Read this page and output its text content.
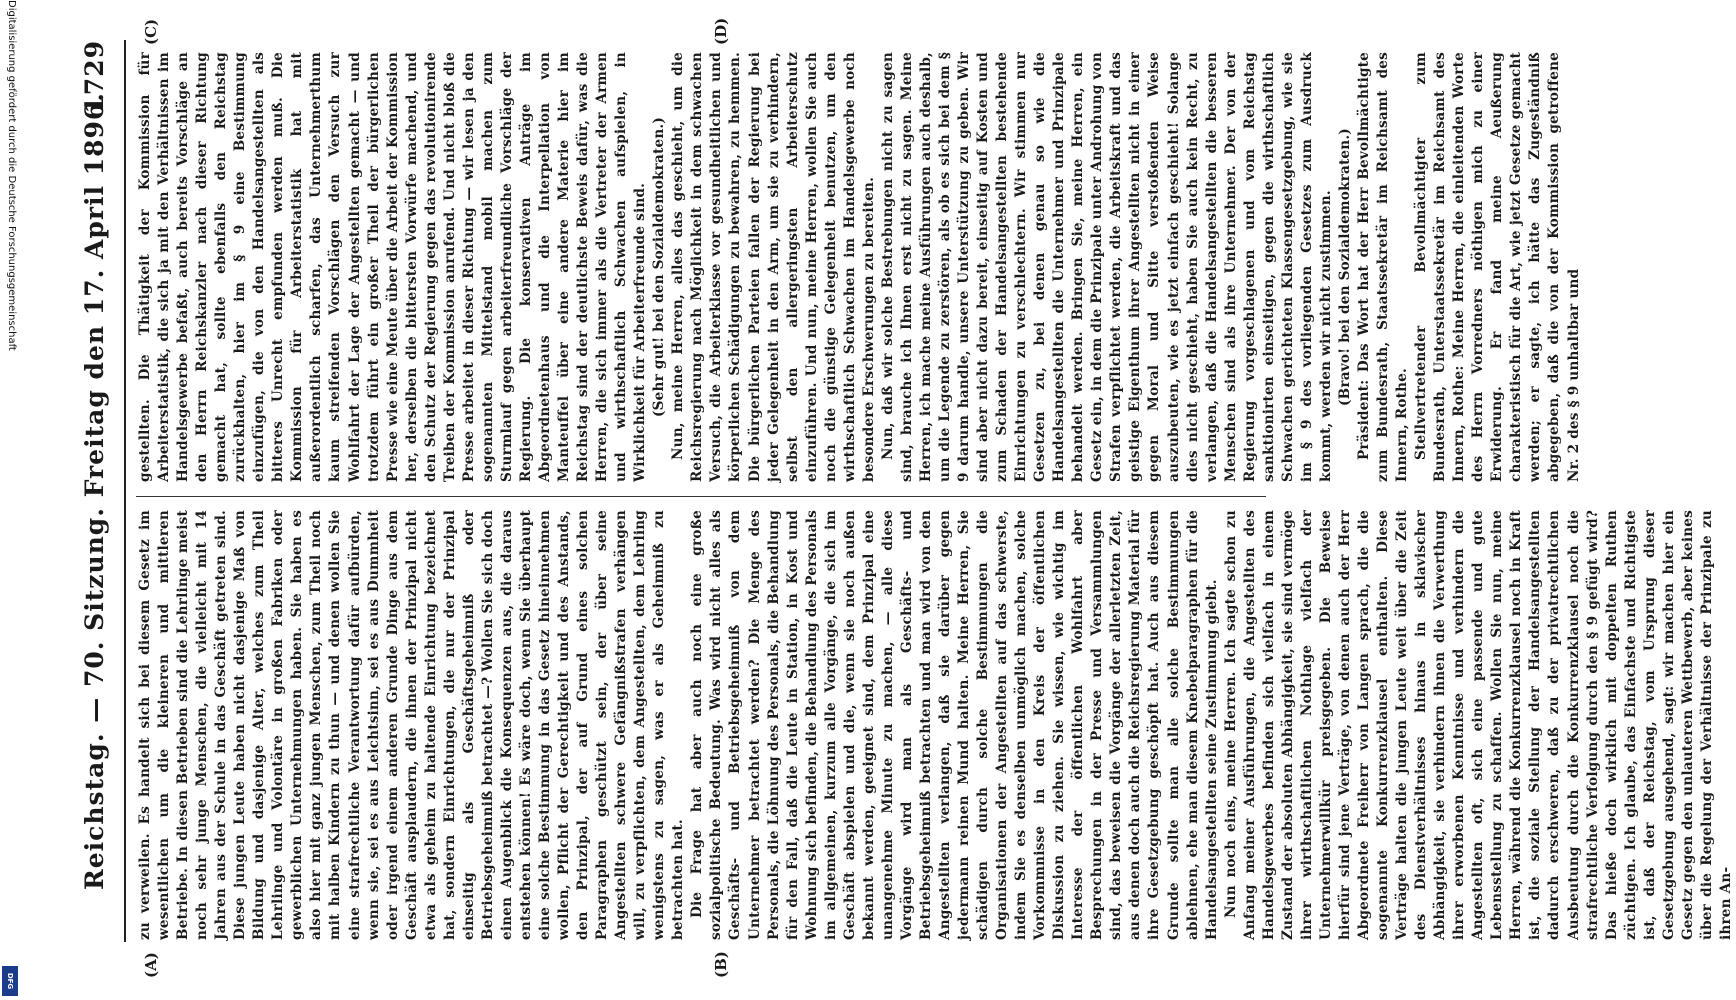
Reichstag. — 70. Sitzung. Freitag den 17. April 1896.
1729
(A)	(B)
(C)	(D)

zu verweilen. Es handelt sich bei diesem Gesetz im wesentlichen um die kleineren und mittleren Betriebe. In diesen Betrieben sind die Lehrlinge meist noch sehr junge Menschen, die vielleicht mit 14 Jahren aus der Schule in das Geschäft getreten sind. Diese jungen Leute haben nicht dasjenige Maß von Bildung und dasjenige Alter, welches zum Theil Lehrlinge und Volontäre in großen Fabriken oder gewerblichen Unternehmungen haben. Sie haben es also hier mit ganz jungen Menschen, zum Theil noch mit halben Kindern zu thun — und denen wollen Sie eine strafrechtliche Verantwortung dafür aufbürden, wenn sie, sei es aus Leichtsinn, sei es aus Dummheit oder irgend einem anderen Grunde Dinge aus dem Geschäft ausplaudern, die ihnen der Prinzipal nicht etwa als geheim zu haltende Einrichtung bezeichnet hat, sondern Einrichtungen, die nur der Prinzipal einseitig als Geschäftsgeheimniß oder Betriebsgeheimniß betrachtet —? Wollen Sie sich doch einen Augenblick die Konsequenzen aus, die daraus entstehen können! Es wäre doch, wenn Sie überhaupt eine solche Bestimmung in das Gesetz hineinnehmen wollen, Pflicht der Gerechtigkeit und des Anstands, den Prinzipal, der auf Grund eines solchen Paragraphen geschützt sein, der über seine Angestellten schwere Gefängnißstrafen verhängen will, zu verpflichten, dem Angestellten, dem Lehrling wenigstens zu sagen, was er als Geheimniß zu betrachten hat. Die Frage hat aber auch noch eine große sozialpolitische Bedeutung. Was wird nicht alles als Geschäfts- und Betriebsgeheimniß von dem Unternehmer betrachtet werden? Die Menge des Personals, die Löhnung des Personals, die Behandlung für den Fall, daß die Leute in Station, in Kost und Wohnung sich befinden, die Behandlung des Personals im allgemeinen, kurzum alle Vorgänge, die sich im Geschäft abspielen und die, wenn sie noch außen bekannt werden, geeignet sind, dem Prinzipal eine unangenehme Minute zu machen, — alle diese Vorgänge wird man als Geschäfts- und Betriebsgeheimniß betrachten und man wird von den Angestellten verlangen, daß sie darüber gegen jedermann reinen Mund halten. Meine Herren, Sie schädigen durch solche Bestimmungen die Organisationen der Angestellten auf das schwerste, indem Sie es denselben unmöglich machen, solche Vorkommnisse in den Kreis der öffentlichen Diskussion zu ziehen. Sie wissen, wie wichtig im Interesse der öffentlichen Wohlfahrt aber Besprechungen in der Presse und Versammlungen sind, das beweisen die Vorgänge der allerletzten Zeit, aus denen doch auch die Reichsregierung Material für ihre Gesetzgebung geschöpft hat. Auch aus diesem Grunde sollte man alle solche Bestimmungen ablehnen, ehe man diesem Knebelparagraphen für die Handelsangestellten seine Zustimmung giebt. Nun noch eins, meine Herren. Ich sagte schon zu Anfang meiner Ausführungen, die Angestellten des Handelsgewerbes befinden sich vielfach in einem Zustand der absoluten Abhängigkeit, sie sind vermöge ihrer wirthschaftlichen Nothlage vielfach der Unternehmerwillkür preisgegeben. Die Beweise hierfür sind jene Verträge, von denen auch der Herr Abgeordnete Freiherr von Langen sprach, die die sogenannte Konkurrenzklausel enthalten. Diese Verträge halten die jungen Leute weit über die Zeit des Dienstverhältnisses hinaus in sklavischer Abhängigkeit, sie verhindern ihnen die Verwerthung ihrer erworbenen Kenntnisse und verhindern die Angestellten oft, sich eine passende und gute Lebensstellung zu schaffen. Wollen Sie nun, meine Herren, während die Konkurrenzklausel noch in Kraft ist, die soziale Stellung der Handelsangestellten dadurch erschweren, daß zu der privatrechtlichen Ausbeutung durch die Konkurrenzklausel noch die strafrechtliche Verfolgung durch den § 9 gefügt wird? Das hieße doch wirklich mit doppelten Ruthen züchtigen. Ich glaube, das Einfachste und Richtigste ist, daß der Reichstag, vom Ursprung dieser Gesetzgebung ausgehend, sagt: wir machen hier ein Gesetz gegen den unlauteren Wettbewerb, aber keines über die Regelung der Verhältnisse der Prinzipale zu ihren An-

gestellten. Die Thätigkeit der Kommission für Arbeiterstatistik, die sich ja mit den Verhältnissen im Handelsgewerbe befaßt, auch bereits Vorschläge an den Herrn Reichskanzler nach dieser Richtung gemacht hat, sollte ebenfalls den Reichstag zurückhalten, hier im § 9 eine Bestimmung einzufügen, die von den Handelsangestellten als bitteres Unrecht empfunden werden muß. Die Kommission für Arbeiterstatistik hat mit außerordentlich scharfen, das Unternehmerthum kaum streifenden Vorschlägen den Versuch zur Wohlfahrt der Lage der Angestellten gemacht — und trotzdem führt ein großer Theil der bürgerlichen Presse wie eine Meute über die Arbeit der Kommission her, derselben die bittersten Vorwürfe machend, und den Schutz der Regierung gegen das revolutionirende Treiben der Kommission anrufend. Und nicht bloß die Presse arbeitet in dieser Richtung — wir lesen ja den sogenannten Mittelstand mobil machen zum Sturmlauf gegen arbeiterfreundliche Vorschläge der Regierung. Die konservativen Anträge im Abgeordnetenhaus und die Interpellation von Manteuffel über eine andere Materie hier im Reichstag sind der deutlichste Beweis dafür, was die Herren, die sich immer als die Vertreter der Armen und wirthschaftlich Schwachen aufspielen, in Wirklichkeit für Arbeiterfreunde sind. (Sehr gut! bei den Sozialdemokraten.) Nun, meine Herren, alles das geschieht, um die Reichsregierung nach Möglichkeit in dem schwachen Versuch, die Arbeiterklasse vor gesundheitlichen und körperlichen Schädigungen zu bewahren, zu hemmen. Die bürgerlichen Parteien fallen der Regierung bei jeder Gelegenheit in den Arm, um sie zu verhindern, selbst den allergeringsten Arbeiterschutz einzuführen. Und nun, meine Herren, wollen Sie auch noch die günstige Gelegenheit benutzen, um den wirthschaftlich Schwachen im Handelsgewerbe noch besondere Erschwerungen zu bereiten. Nun, daß wir solche Bestrebungen nicht zu sagen sind, brauche ich Ihnen erst nicht zu sagen. Meine Herren, ich mache meine Ausführungen auch deshalb, um die Legende zu zerstören, als ob es sich bei dem § 9 darum handle, unsere Unterstützung zu geben. Wir sind aber nicht dazu bereit, einseitig auf Kosten und zum Schaden der Handelsangestellten bestehende Einrichtungen zu verschlechtern. Wir stimmen nur Gesetzen zu, bei denen genau so wie die Handelsangestellten die Unternehmer und Prinzipale behandelt werden. Bringen Sie, meine Herren, ein Gesetz ein, in dem die Prinzipale unter Androhung von Strafen verpflichtet werden, die Arbeitskraft und das geistige Eigenthum ihrer Angestellten nicht in einer gegen Moral und Sitte verstoßenden Weise auszubeuten, wie es jetzt einfach geschieht! Solange dies nicht geschieht, haben Sie auch kein Recht, zu verlangen, daß die Handelsangestellten die besseren Menschen sind als ihre Unternehmer. Der von der Regierung vorgeschlagenen und vom Reichstag sanktionirten einseitigen, gegen die wirthschaftlich Schwachen gerichteten Klassengesetzgebung, wie sie im § 9 des vorliegenden Gesetzes zum Ausdruck kommt, werden wir nicht zustimmen. (Bravo! bei den Sozialdemokraten.) Präsident: Das Wort hat der Herr Bevollmächtigte zum Bundesrath, Staatssekretär im Reichsamt des Innern, Rothe. Stellvertretender Bevollmächtigter zum Bundesrath, Unterstaatssekretär im Reichsamt des Innern, Rothe: Meine Herren, die einleitenden Worte des Herrn Vorredners nöthigen mich zu einer Erwiderung. Er fand meine Aeußerung charakteristisch für die Art, wie jetzt Gesetze gemacht werden; er sagte, ich hätte das Zugeständniß abgegeben, daß die von der Kommission getroffene Nr. 2 des § 9 unhaltbar und

Digitalisierung gefördert durch die Deutsche Forschungsgemeinschaft
DFG
